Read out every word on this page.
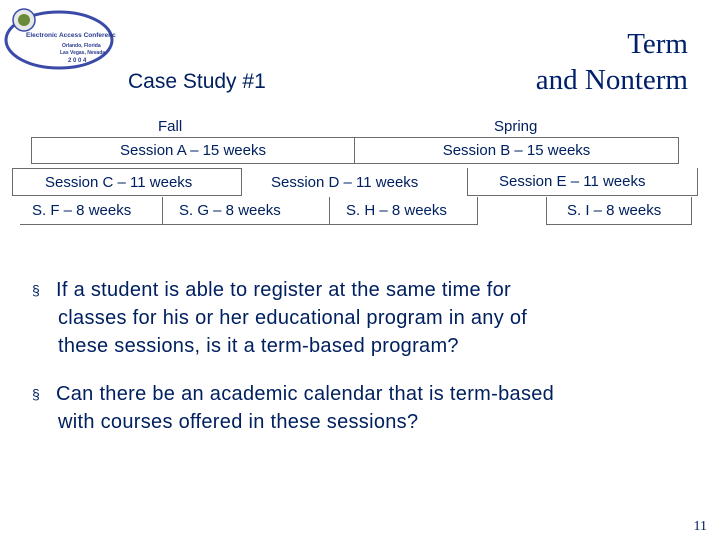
Electronic Access Conference
Orlando, Florida
Las Vegas, Nevada
2 0 0 4
Term
and Nonterm
Case Study #1
Fall	Spring
Session A – 15 weeks	Session B – 15 weeks
Session C – 11 weeks	Session D – 11 weeks	Session E – 11 weeks
S. F – 8 weeks	S. G – 8 weeks	S. H – 8 weeks	S. I – 8 weeks
§ If a student is able to register at the same time for
classes for his or her educational program in any of
these sessions, is it a term-based program?
§ Can there be an academic calendar that is term-based
with courses offered in these sessions?
11
